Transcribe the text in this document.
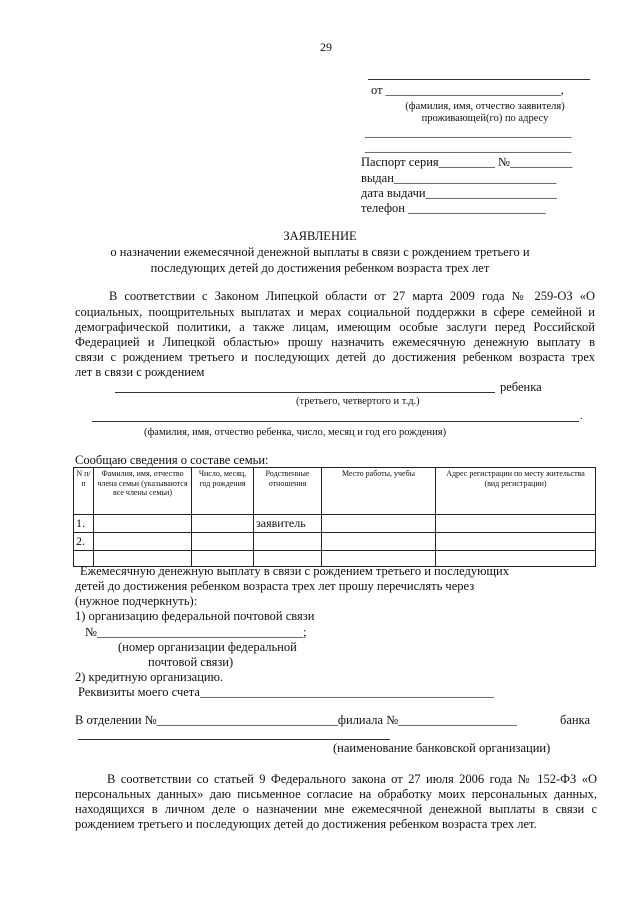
29
от ____________________________,
(фамилия, имя, отчество заявителя)
проживающей(го) по адресу
_________________________________
_________________________________
Паспорт серия_________ №__________
выдан__________________________
дата выдачи_____________________
телефон ______________________
ЗАЯВЛЕНИЕ
о назначении ежемесячной денежной выплаты в связи с рождением третьего и
последующих детей до достижения ребенком возраста трех лет
В соответствии с Законом Липецкой области от 27 марта 2009 года № 259-ОЗ «О
социальных, поощрительных выплатах и мерах социальной поддержки в сфере семейной и
демографической политики, а также лицам, имеющим особые заслуги перед Российской
Федерацией и Липецкой областью» прошу назначить ежемесячную денежную выплату в
связи с рождением третьего и последующих детей до достижения ребенком возраста трех
лет в связи с рождением
ребенка
(третьего, четвертого и т.д.)
.
(фамилия, имя, отчество ребенка, число, месяц и год его рождения)
Сообщаю сведения о составе семьи:
N п/ п	Фамилия, имя, отчество члена семьи (указываются все члены семьи)	Число, месяц, год рождения	Родственные отношения	Место работы, учебы	Адрес регистрации по месту жительства (вид регистрации)
1.			заявитель		
2.					

Ежемесячную денежную выплату в связи с рождением третьего и последующих
детей до достижения ребенком возраста трех лет прошу перечислять через
(нужное подчеркнуть):
1) организацию федеральной почтовой связи
№_________________________________;
(номер организации федеральной
почтовой связи)
2) кредитную организацию.
Реквизиты моего счета_______________________________________________
В отделении №_____________________________филиала №___________________	банка
(наименование банковской организации)
В соответствии со статьей 9 Федерального закона от 27 июля 2006 года № 152-ФЗ «О
персональных данных» даю письменное согласие на обработку моих персональных данных,
находящихся в личном деле о назначении мне ежемесячной денежной выплаты в связи с
рождением третьего и последующих детей до достижения ребенком возраста трех лет.
